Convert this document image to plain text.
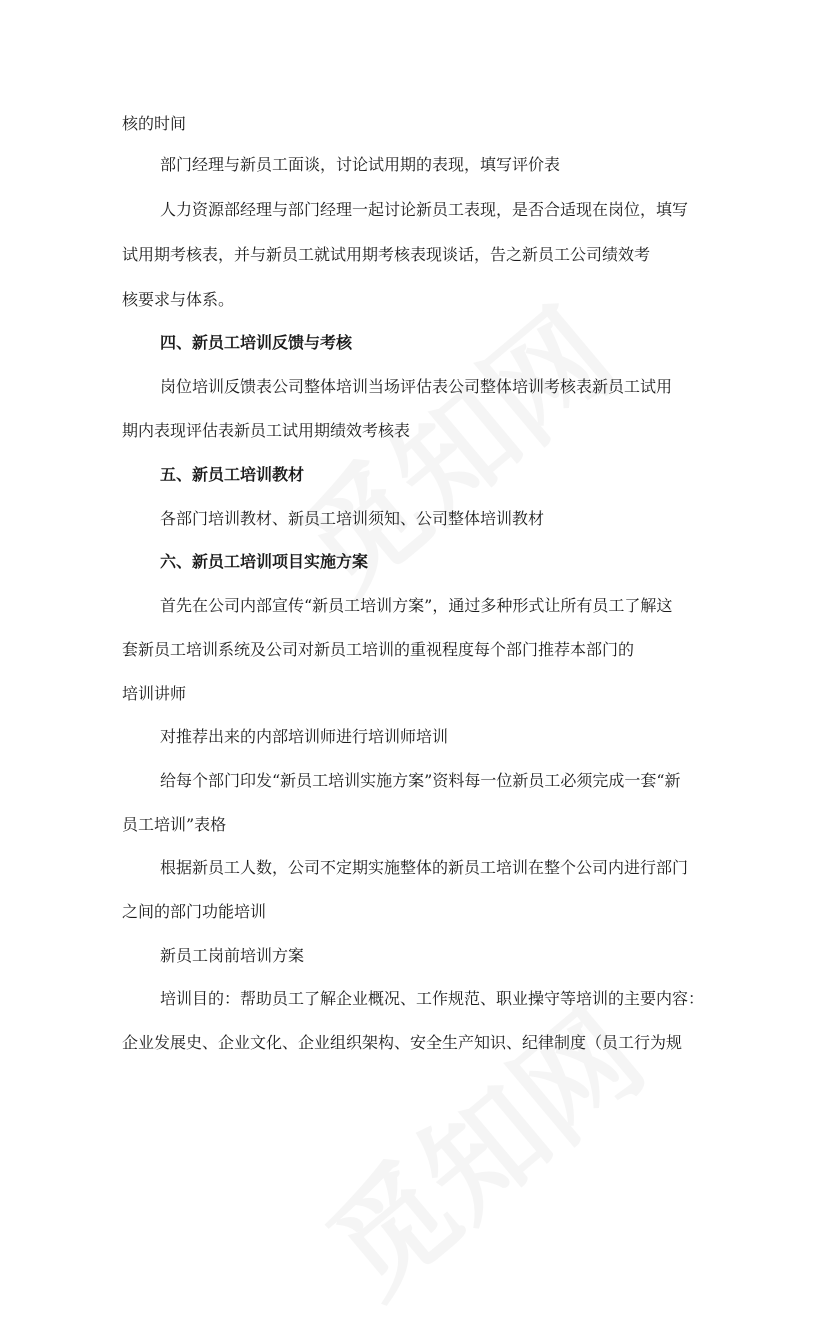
核的时间
部门经理与新员工面谈，讨论试用期的表现，填写评价表
人力资源部经理与部门经理一起讨论新员工表现，是否合适现在岗位，填写
试用期考核表，并与新员工就试用期考核表现谈话，告之新员工公司绩效考
核要求与体系。
四、新员工培训反馈与考核
岗位培训反馈表公司整体培训当场评估表公司整体培训考核表新员工试用
期内表现评估表新员工试用期绩效考核表
五、新员工培训教材
各部门培训教材、新员工培训须知、公司整体培训教材
六、新员工培训项目实施方案
首先在公司内部宣传“新员工培训方案”，通过多种形式让所有员工了解这
套新员工培训系统及公司对新员工培训的重视程度每个部门推荐本部门的
培训讲师
对推荐出来的内部培训师进行培训师培训
给每个部门印发“新员工培训实施方案”资料每一位新员工必须完成一套“新
员工培训”表格
根据新员工人数，公司不定期实施整体的新员工培训在整个公司内进行部门
之间的部门功能培训
新员工岗前培训方案
培训目的：帮助员工了解企业概况、工作规范、职业操守等培训的主要内容：
企业发展史、企业文化、企业组织架构、安全生产知识、纪律制度（员工行为规
